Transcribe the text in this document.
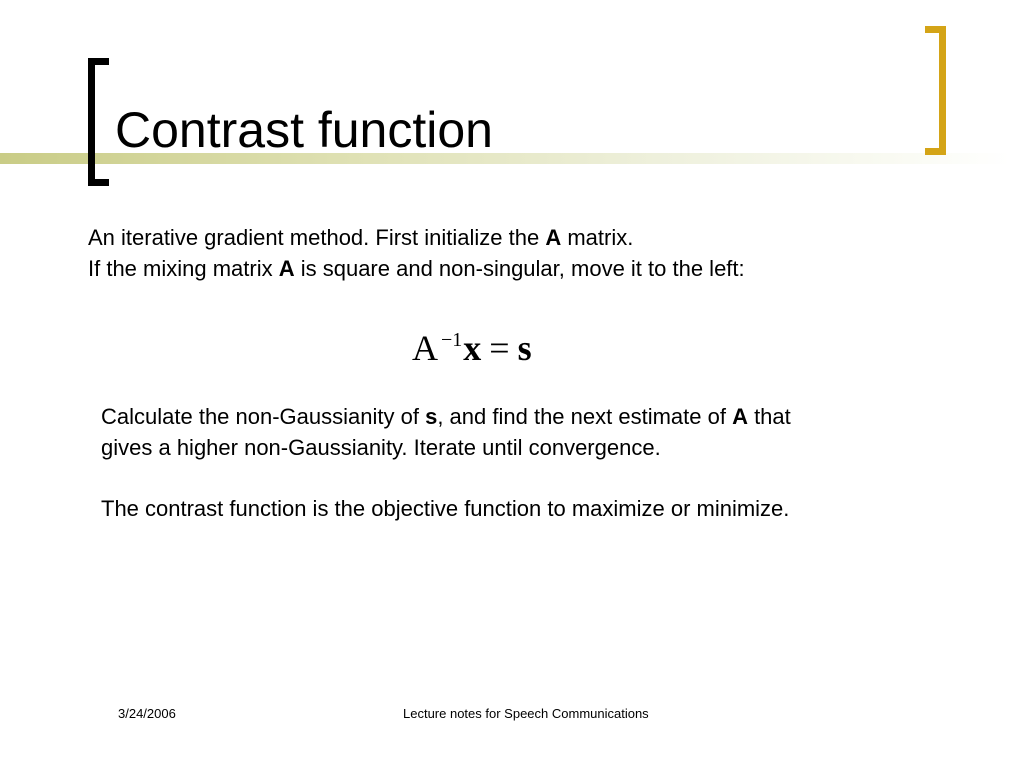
Contrast function
An iterative gradient method. First initialize the A matrix.
If the mixing matrix A is square and non-singular, move it to the left:
A $^{-1}$x = s
Calculate the non-Gaussianity of s, and find the next estimate of A that
gives a higher non-Gaussianity. Iterate until convergence.
The contrast function is the objective function to maximize or minimize.
3/24/2006	Lecture notes for Speech Communications
